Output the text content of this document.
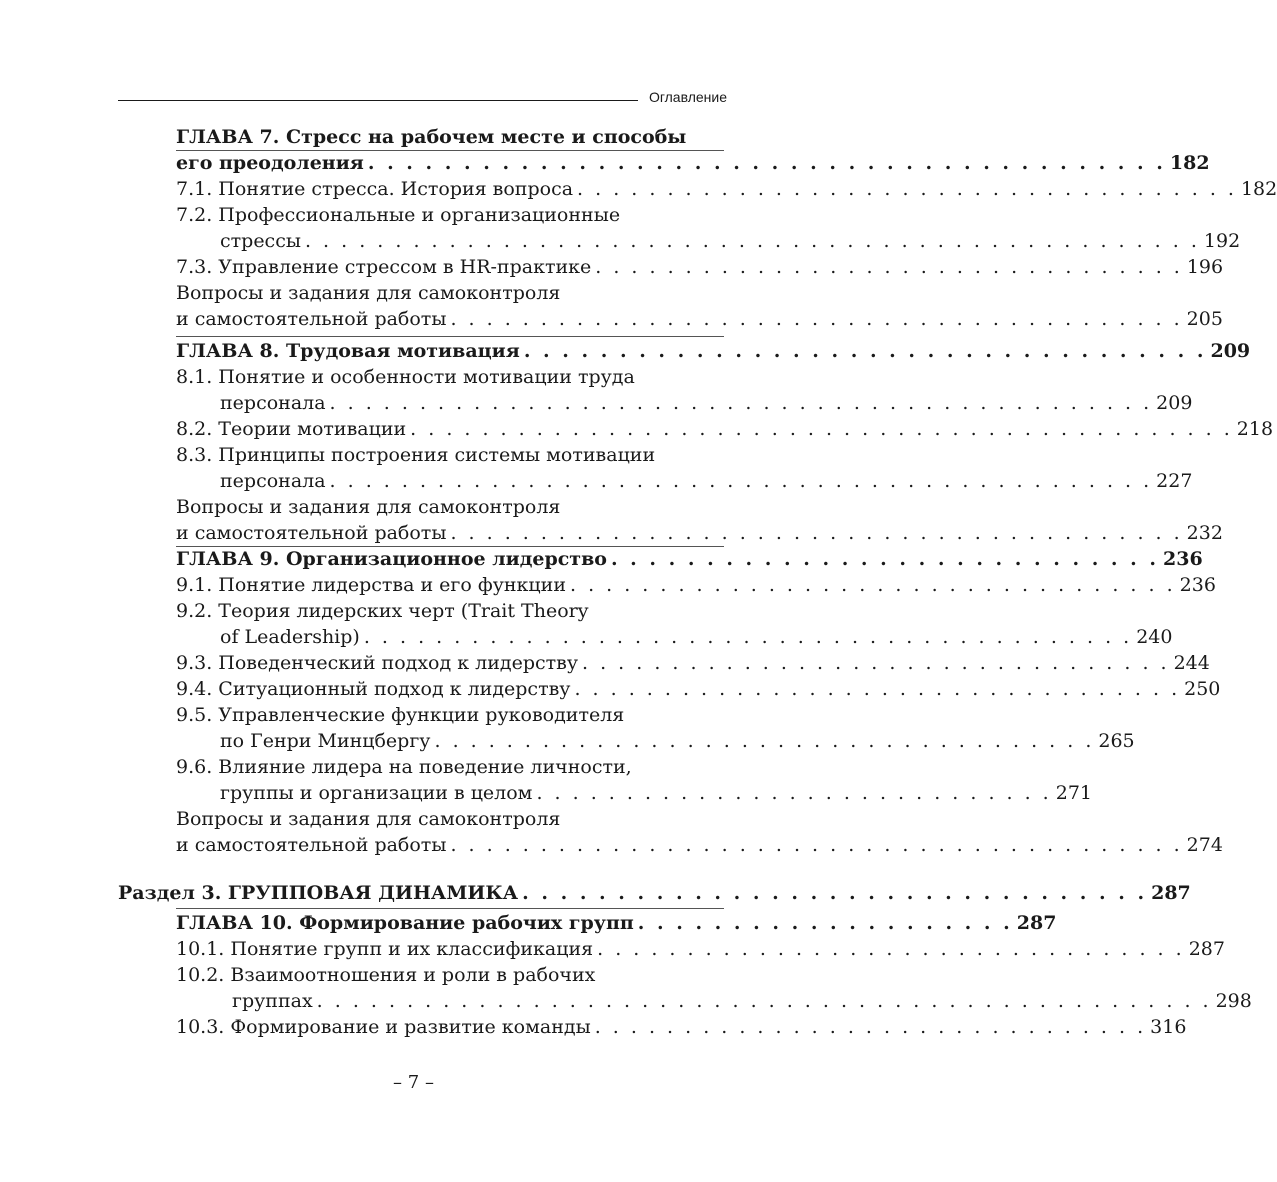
Оглавление
ГЛАВА 7. Стресс на рабочем месте и способы
его преодоления . . . . . . . . . . . . . . . . . . . . . . . . . . . . . . . . . . . . . . . . . . 182
7.1. Понятие стресса. История вопроса . . . . . . . . . . . . . . . . . . . . . . . . . . . . . . . . . . . . . 182
7.2. Профессиональные и организационные
стрессы . . . . . . . . . . . . . . . . . . . . . . . . . . . . . . . . . . . . . . . . . . . . . . . . . . 192
7.3. Управление стрессом в HR-практике . . . . . . . . . . . . . . . . . . . . . . . . . . . . . . . . . 196
Вопросы и задания для самоконтроля
и самостоятельной работы . . . . . . . . . . . . . . . . . . . . . . . . . . . . . . . . . . . . . . . . . 205
ГЛАВА 8. Трудовая мотивация . . . . . . . . . . . . . . . . . . . . . . . . . . . . . . . . . . . . 209
8.1. Понятие и особенности мотивации труда
персонала . . . . . . . . . . . . . . . . . . . . . . . . . . . . . . . . . . . . . . . . . . . . . . 209
8.2. Теории мотивации . . . . . . . . . . . . . . . . . . . . . . . . . . . . . . . . . . . . . . . . . . . . . . 218
8.3. Принципы построения системы мотивации
персонала . . . . . . . . . . . . . . . . . . . . . . . . . . . . . . . . . . . . . . . . . . . . . . 227
Вопросы и задания для самоконтроля
и самостоятельной работы . . . . . . . . . . . . . . . . . . . . . . . . . . . . . . . . . . . . . . . . . 232
ГЛАВА 9. Организационное лидерство . . . . . . . . . . . . . . . . . . . . . . . . . . . . . 236
9.1. Понятие лидерства и его функции . . . . . . . . . . . . . . . . . . . . . . . . . . . . . . . . . . 236
9.2. Теория лидерских черт (Trait Theory
of Leadership) . . . . . . . . . . . . . . . . . . . . . . . . . . . . . . . . . . . . . . . . . . . 240
9.3. Поведенческий подход к лидерству . . . . . . . . . . . . . . . . . . . . . . . . . . . . . . . . . 244
9.4. Ситуационный подход к лидерству . . . . . . . . . . . . . . . . . . . . . . . . . . . . . . . . . . 250
9.5. Управленческие функции руководителя
по Генри Минцбергу . . . . . . . . . . . . . . . . . . . . . . . . . . . . . . . . . . . . . 265
9.6. Влияние лидера на поведение личности,
группы и организации в целом . . . . . . . . . . . . . . . . . . . . . . . . . . . . . 271
Вопросы и задания для самоконтроля
и самостоятельной работы . . . . . . . . . . . . . . . . . . . . . . . . . . . . . . . . . . . . . . . . . 274
Раздел 3. ГРУППОВАЯ ДИНАМИКА . . . . . . . . . . . . . . . . . . . . . . . . . . . . . . . . . 287
ГЛАВА 10. Формирование рабочих групп . . . . . . . . . . . . . . . . . . . . 287
10.1. Понятие групп и их классификация . . . . . . . . . . . . . . . . . . . . . . . . . . . . . . . . . 287
10.2. Взаимоотношения и роли в рабочих
группах . . . . . . . . . . . . . . . . . . . . . . . . . . . . . . . . . . . . . . . . . . . . . . . . . . 298
10.3. Формирование и развитие команды . . . . . . . . . . . . . . . . . . . . . . . . . . . . . . . 316
– 7 –
